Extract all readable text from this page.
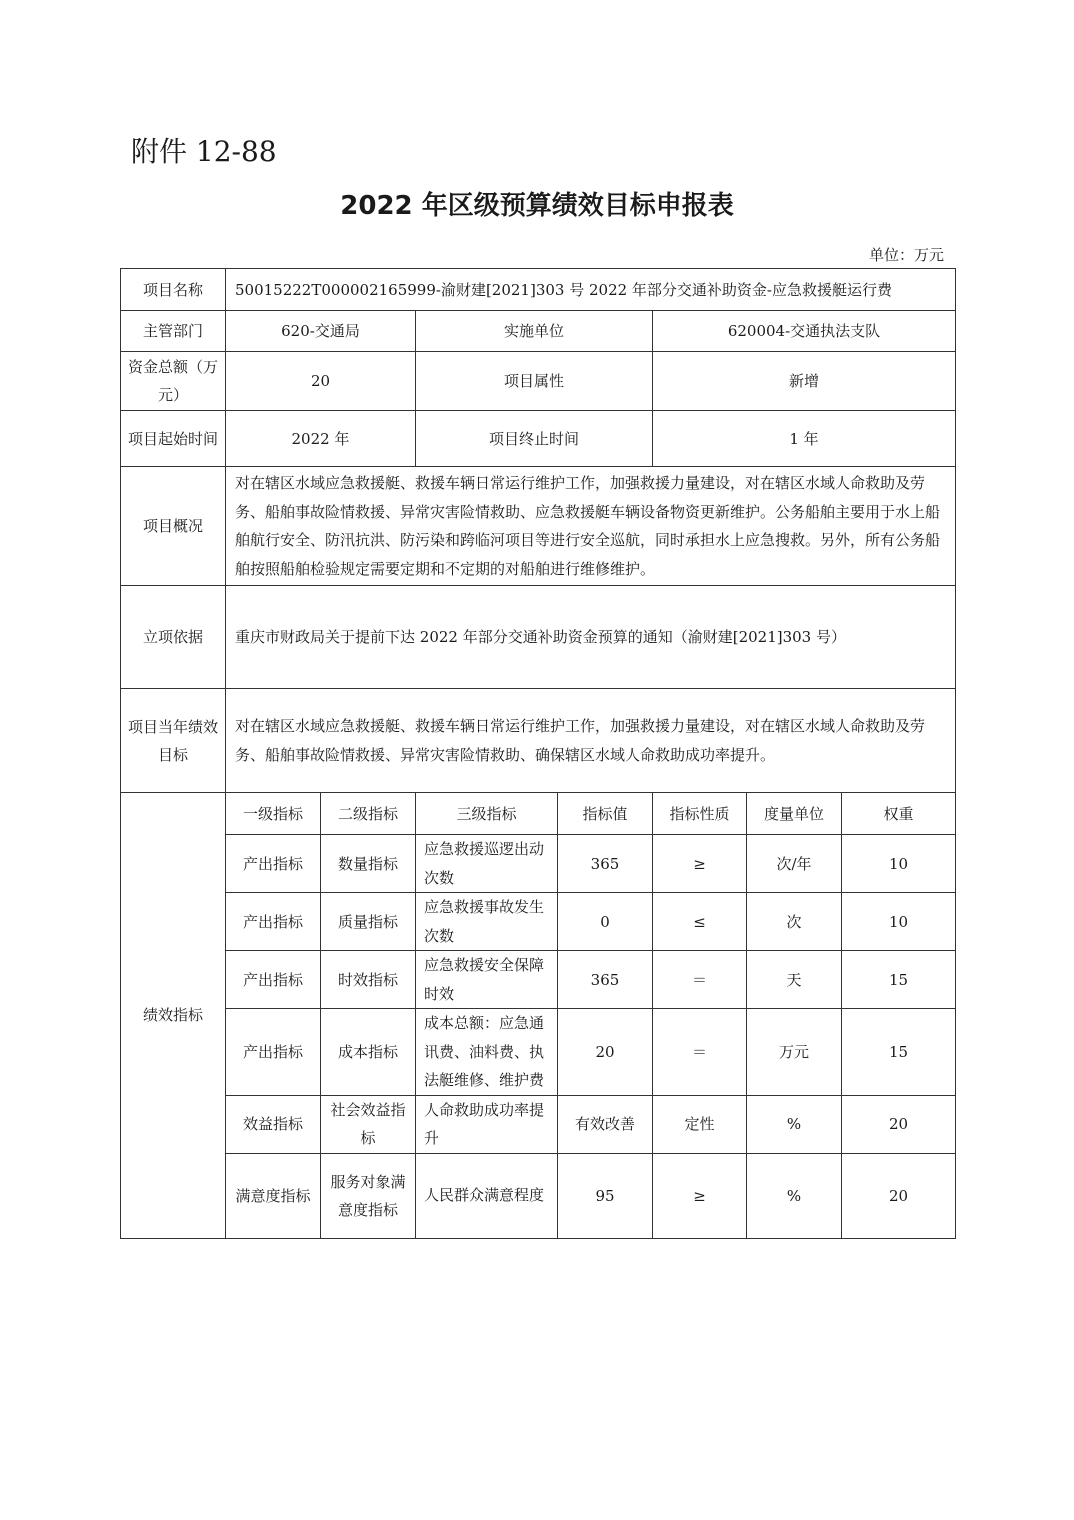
附件 12-88
2022 年区级预算绩效目标申报表
单位：万元
项目名称	50015222T000002165999-渝财建[2021]303 号 2022 年部分交通补助资金-应急救援艇运行费						
主管部门	620-交通局		实施单位		620004-交通执法支队		
资金总额（万元）	20		项目属性		新增		
项目起始时间	2022 年		项目终止时间		1 年		
项目概况	对在辖区水域应急救援艇、救援车辆日常运行维护工作，加强救援力量建设，对在辖区水域人命救助及劳务、船舶事故险情救援、异常灾害险情救助、应急救援艇车辆设备物资更新维护。公务船舶主要用于水上船舶航行安全、防汛抗洪、防污染和跨临河项目等进行安全巡航，同时承担水上应急搜救。另外，所有公务船舶按照船舶检验规定需要定期和不定期的对船舶进行维修维护。						
立项依据	重庆市财政局关于提前下达 2022 年部分交通补助资金预算的通知（渝财建[2021]303 号）						
项目当年绩效目标	对在辖区水域应急救援艇、救援车辆日常运行维护工作，加强救援力量建设，对在辖区水域人命救助及劳务、船舶事故险情救援、异常灾害险情救助、确保辖区水域人命救助成功率提升。						
绩效指标	一级指标	二级指标	三级指标	指标值	指标性质	度量单位	权重
	产出指标	数量指标	应急救援巡逻出动次数	365	≥	次/年	10
	产出指标	质量指标	应急救援事故发生次数	0	≤	次	10
	产出指标	时效指标	应急救援安全保障时效	365	＝	天	15
	产出指标	成本指标	成本总额：应急通讯费、油料费、执法艇维修、维护费	20	＝	万元	15
	效益指标	社会效益指标	人命救助成功率提升	有效改善	定性	%	20
	满意度指标	服务对象满意度指标	人民群众满意程度	95	≥	%	20
